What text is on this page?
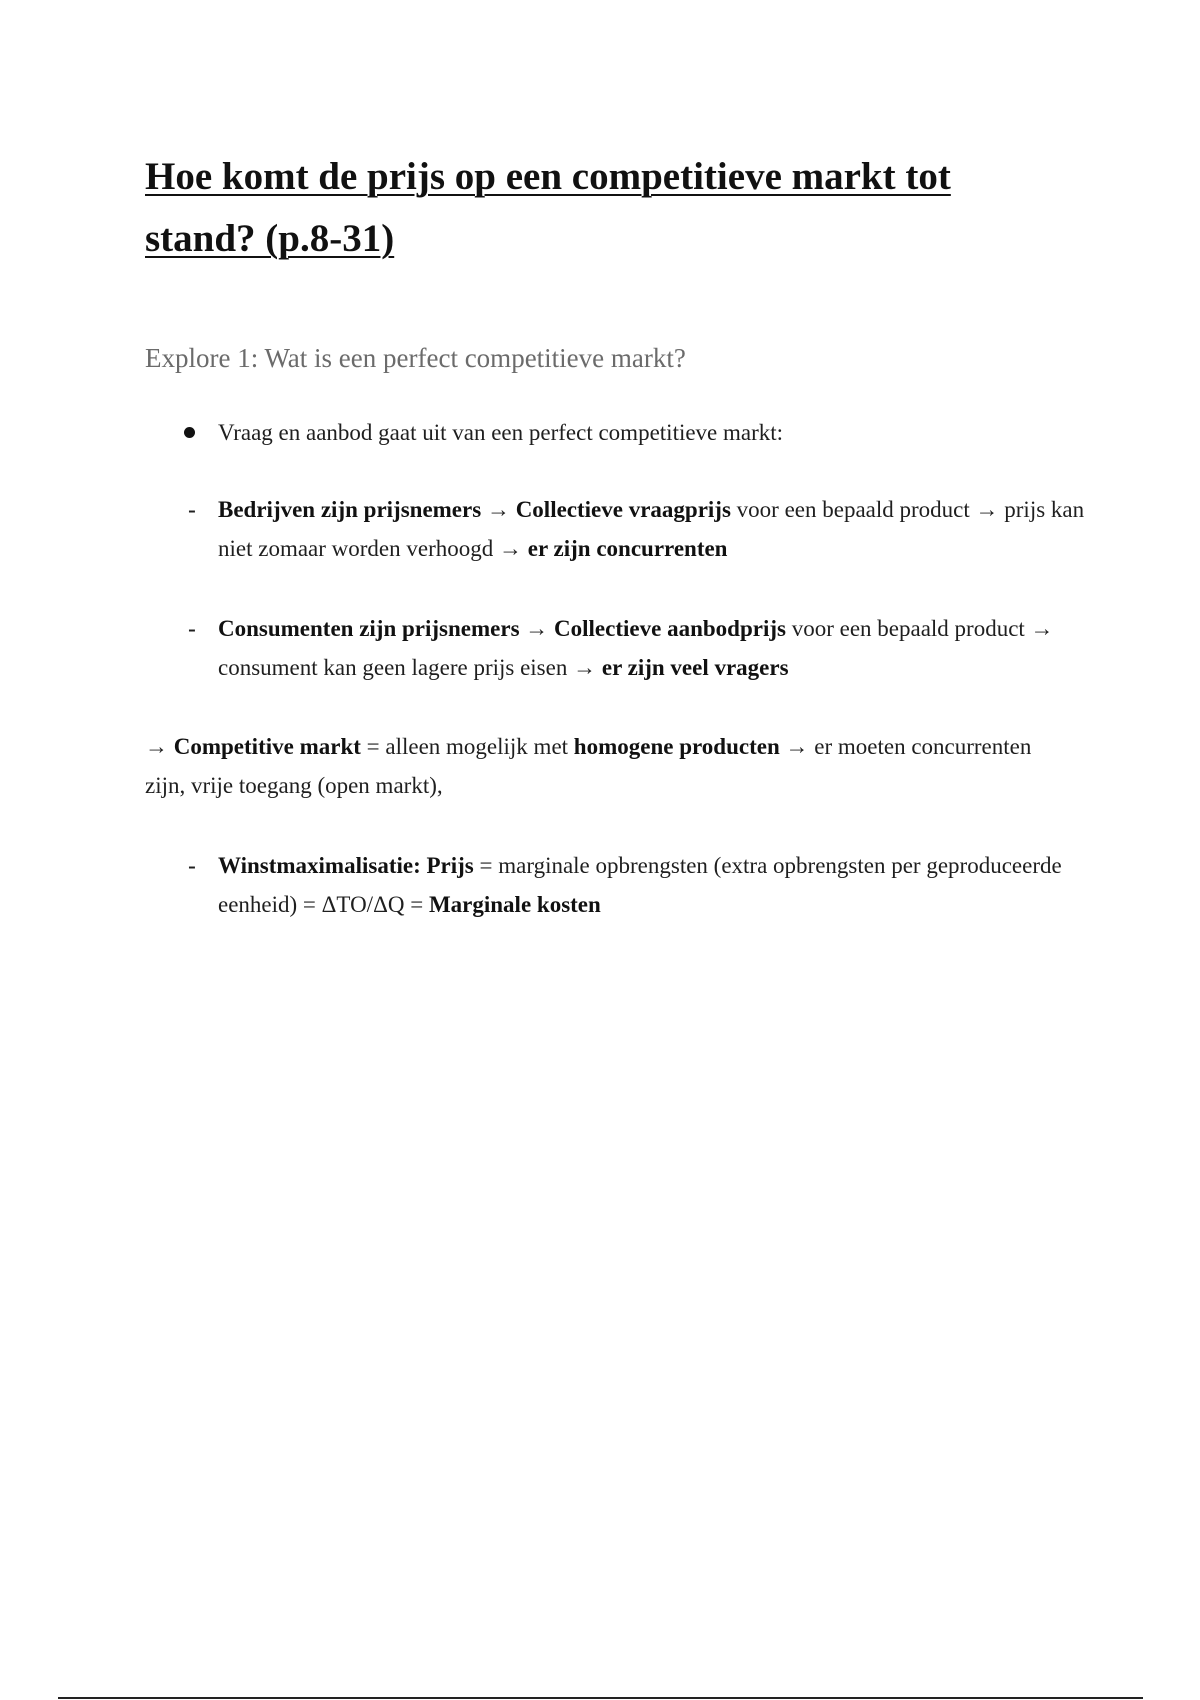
Hoe komt de prijs op een competitieve markt tot stand? (p.8-31)
Explore 1: Wat is een perfect competitieve markt?
Vraag en aanbod gaat uit van een perfect competitieve markt:
- Bedrijven zijn prijsnemers → Collectieve vraagprijs voor een bepaald product → prijs kan niet zomaar worden verhoogd → er zijn concurrenten
- Consumenten zijn prijsnemers → Collectieve aanbodprijs voor een bepaald product → consument kan geen lagere prijs eisen → er zijn veel vragers
→ Competitive markt = alleen mogelijk met homogene producten → er moeten concurrenten zijn, vrije toegang (open markt),
- Winstmaximalisatie: Prijs = marginale opbrengsten (extra opbrengsten per geproduceerde eenheid) = ΔTO/ΔQ = Marginale kosten
